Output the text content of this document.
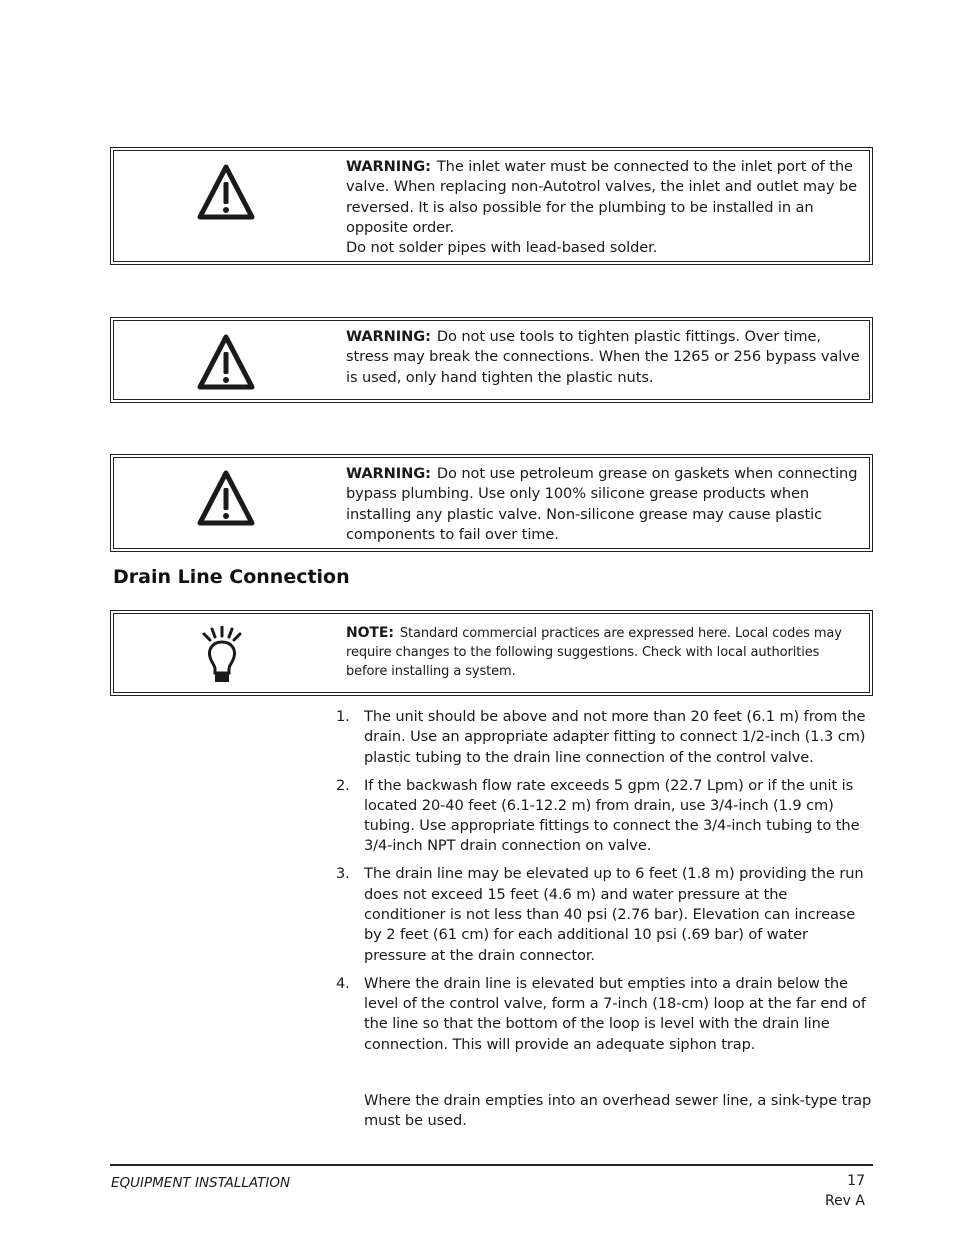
WARNING: The inlet water must be connected to the inlet port of the valve. When replacing non-Autotrol valves, the inlet and outlet may be reversed. It is also possible for the plumbing to be installed in an opposite order.
Do not solder pipes with lead-based solder.
WARNING: Do not use tools to tighten plastic fittings. Over time, stress may break the connections. When the 1265 or 256 bypass valve is used, only hand tighten the plastic nuts.
WARNING: Do not use petroleum grease on gaskets when connecting bypass plumbing. Use only 100% silicone grease products when installing any plastic valve. Non-silicone grease may cause plastic components to fail over time.
Drain Line Connection
NOTE: Standard commercial practices are expressed here. Local codes may require changes to the following suggestions. Check with local authorities before installing a system.
1. The unit should be above and not more than 20 feet (6.1 m) from the drain. Use an appropriate adapter fitting to connect 1/2-inch (1.3 cm) plastic tubing to the drain line connection of the control valve.
2. If the backwash flow rate exceeds 5 gpm (22.7 Lpm) or if the unit is located 20-40 feet (6.1-12.2 m) from drain, use 3/4-inch (1.9 cm) tubing. Use appropriate fittings to connect the 3/4-inch tubing to the 3/4-inch NPT drain connection on valve.
3. The drain line may be elevated up to 6 feet (1.8 m) providing the run does not exceed 15 feet (4.6 m) and water pressure at the conditioner is not less than 40 psi (2.76 bar). Elevation can increase by 2 feet (61 cm) for each additional 10 psi (.69 bar) of water pressure at the drain connector.
4. Where the drain line is elevated but empties into a drain below the level of the control valve, form a 7-inch (18-cm) loop at the far end of the line so that the bottom of the loop is level with the drain line connection. This will provide an adequate siphon trap.
Where the drain empties into an overhead sewer line, a sink-type trap must be used.
EQUIPMENT INSTALLATION	17
Rev A
